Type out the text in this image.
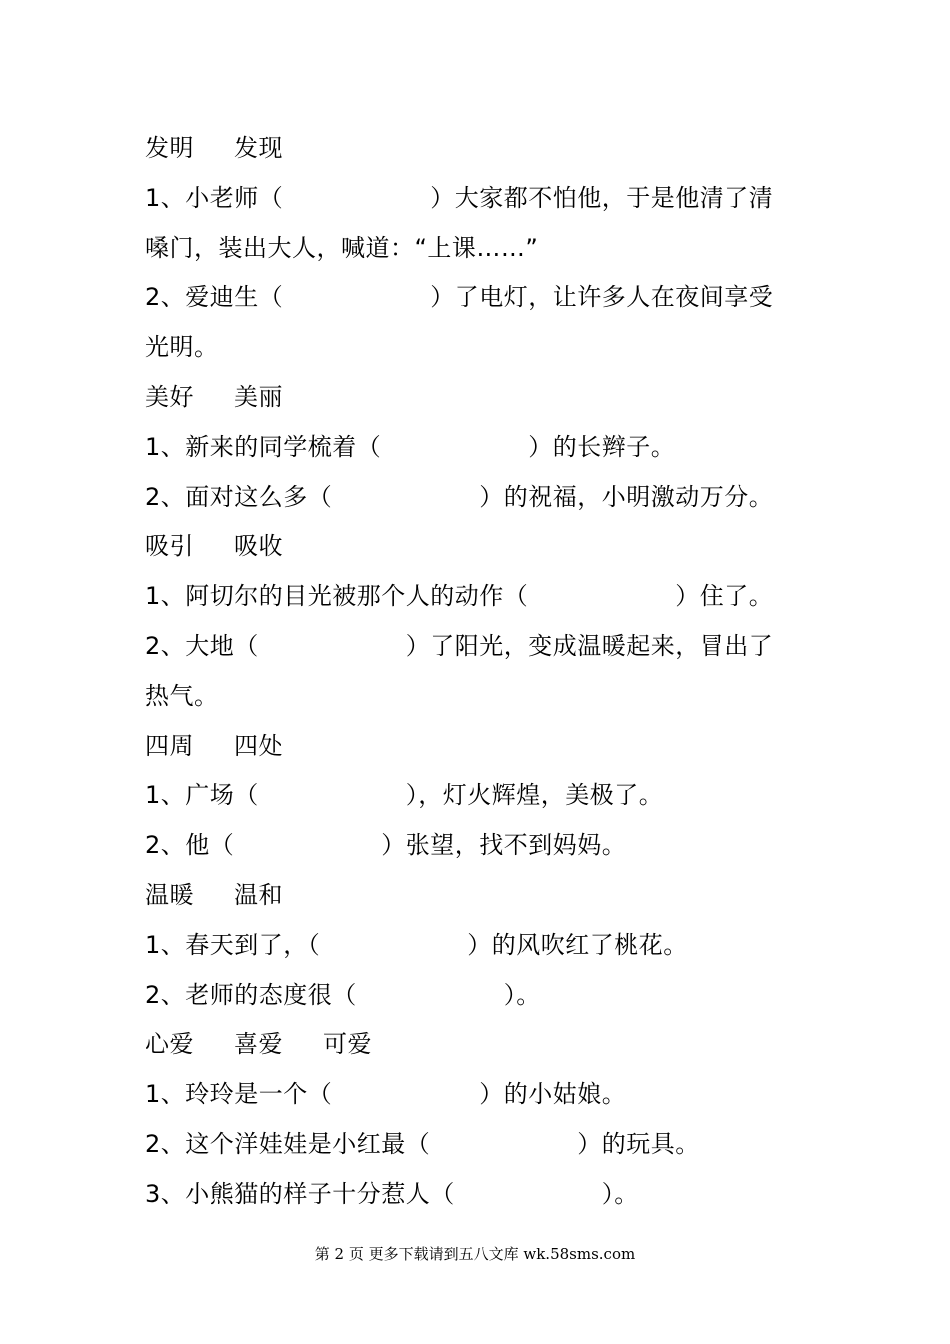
发明 发现
1、小老师（　　　　　　）大家都不怕他，于是他清了清
嗓门，装出大人，喊道：“上课……”
2、爱迪生（　　　　　　）了电灯，让许多人在夜间享受
光明。
美好 美丽
1、新来的同学梳着（　　　　　　）的长辫子。
2、面对这么多（　　　　　　）的祝福，小明激动万分。
吸引 吸收
1、阿切尔的目光被那个人的动作（　　　　　　）住了。
2、大地（　　　　　　）了阳光，变成温暖起来，冒出了
热气。
四周 四处
1、广场（　　　　　　），灯火辉煌，美极了。
2、他（　　　　　　）张望，找不到妈妈。
温暖 温和
1、春天到了，（　　　　　　）的风吹红了桃花。
2、老师的态度很（　　　　　　）。
心爱 喜爱 可爱
1、玲玲是一个（　　　　　　）的小姑娘。
2、这个洋娃娃是小红最（　　　　　　）的玩具。
3、小熊猫的样子十分惹人（　　　　　　）。
第 2 页 更多下载请到五八文库 wk.58sms.com
